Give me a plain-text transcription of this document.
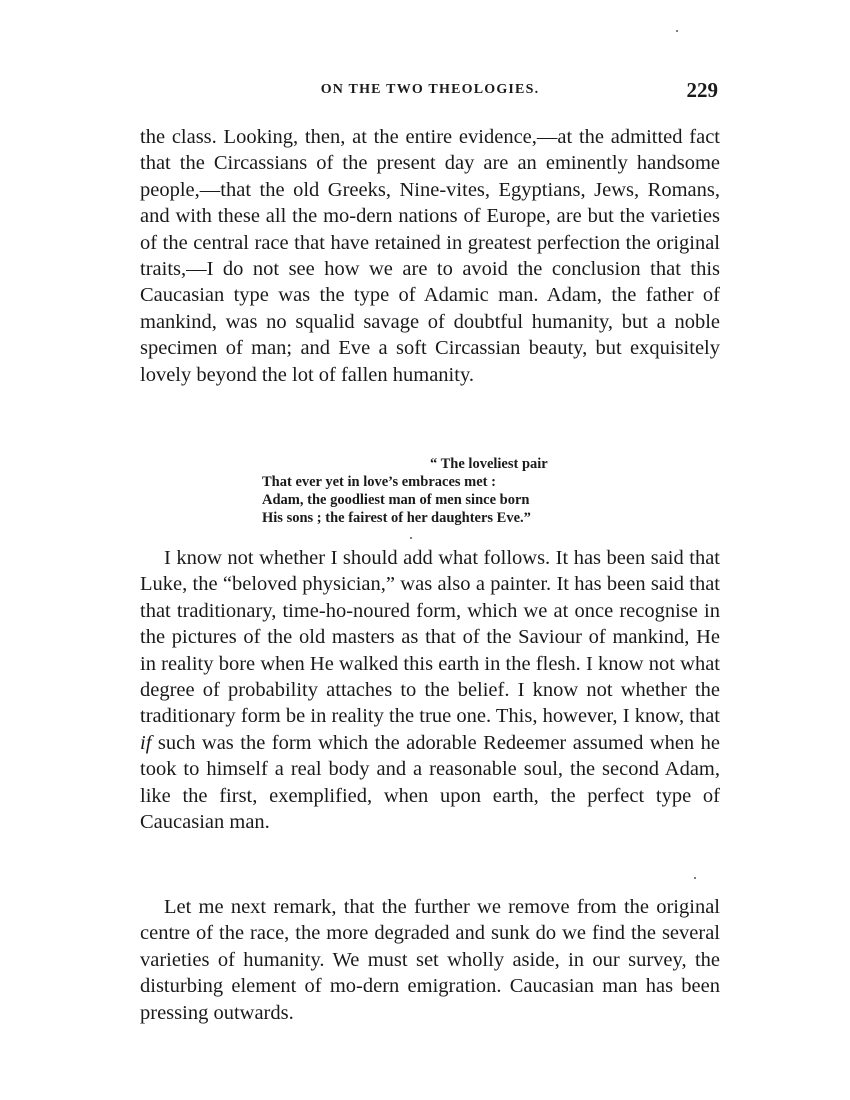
ON THE TWO THEOLOGIES.	229

the class. Looking, then, at the entire evidence,—at the admitted fact that the Circassians of the present day are an eminently handsome people,—that the old Greeks, Nine-vites, Egyptians, Jews, Romans, and with these all the mo-dern nations of Europe, are but the varieties of the central race that have retained in greatest perfection the original traits,—I do not see how we are to avoid the conclusion that this Caucasian type was the type of Adamic man. Adam, the father of mankind, was no squalid savage of doubtful humanity, but a noble specimen of man; and Eve a soft Circassian beauty, but exquisitely lovely beyond the lot of fallen humanity.

“ The loveliest pair
That ever yet in love’s embraces met :
Adam, the goodliest man of men since born
His sons ; the fairest of her daughters Eve.”

I know not whether I should add what follows. It has been said that Luke, the “beloved physician,” was also a painter. It has been said that that traditionary, time-ho-noured form, which we at once recognise in the pictures of the old masters as that of the Saviour of mankind, He in reality bore when He walked this earth in the flesh. I know not what degree of probability attaches to the belief. I know not whether the traditionary form be in reality the true one. This, however, I know, that if such was the form which the adorable Redeemer assumed when he took to himself a real body and a reasonable soul, the second Adam, like the first, exemplified, when upon earth, the perfect type of Caucasian man.

Let me next remark, that the further we remove from the original centre of the race, the more degraded and sunk do we find the several varieties of humanity. We must set wholly aside, in our survey, the disturbing element of mo-dern emigration. Caucasian man has been pressing outwards.
